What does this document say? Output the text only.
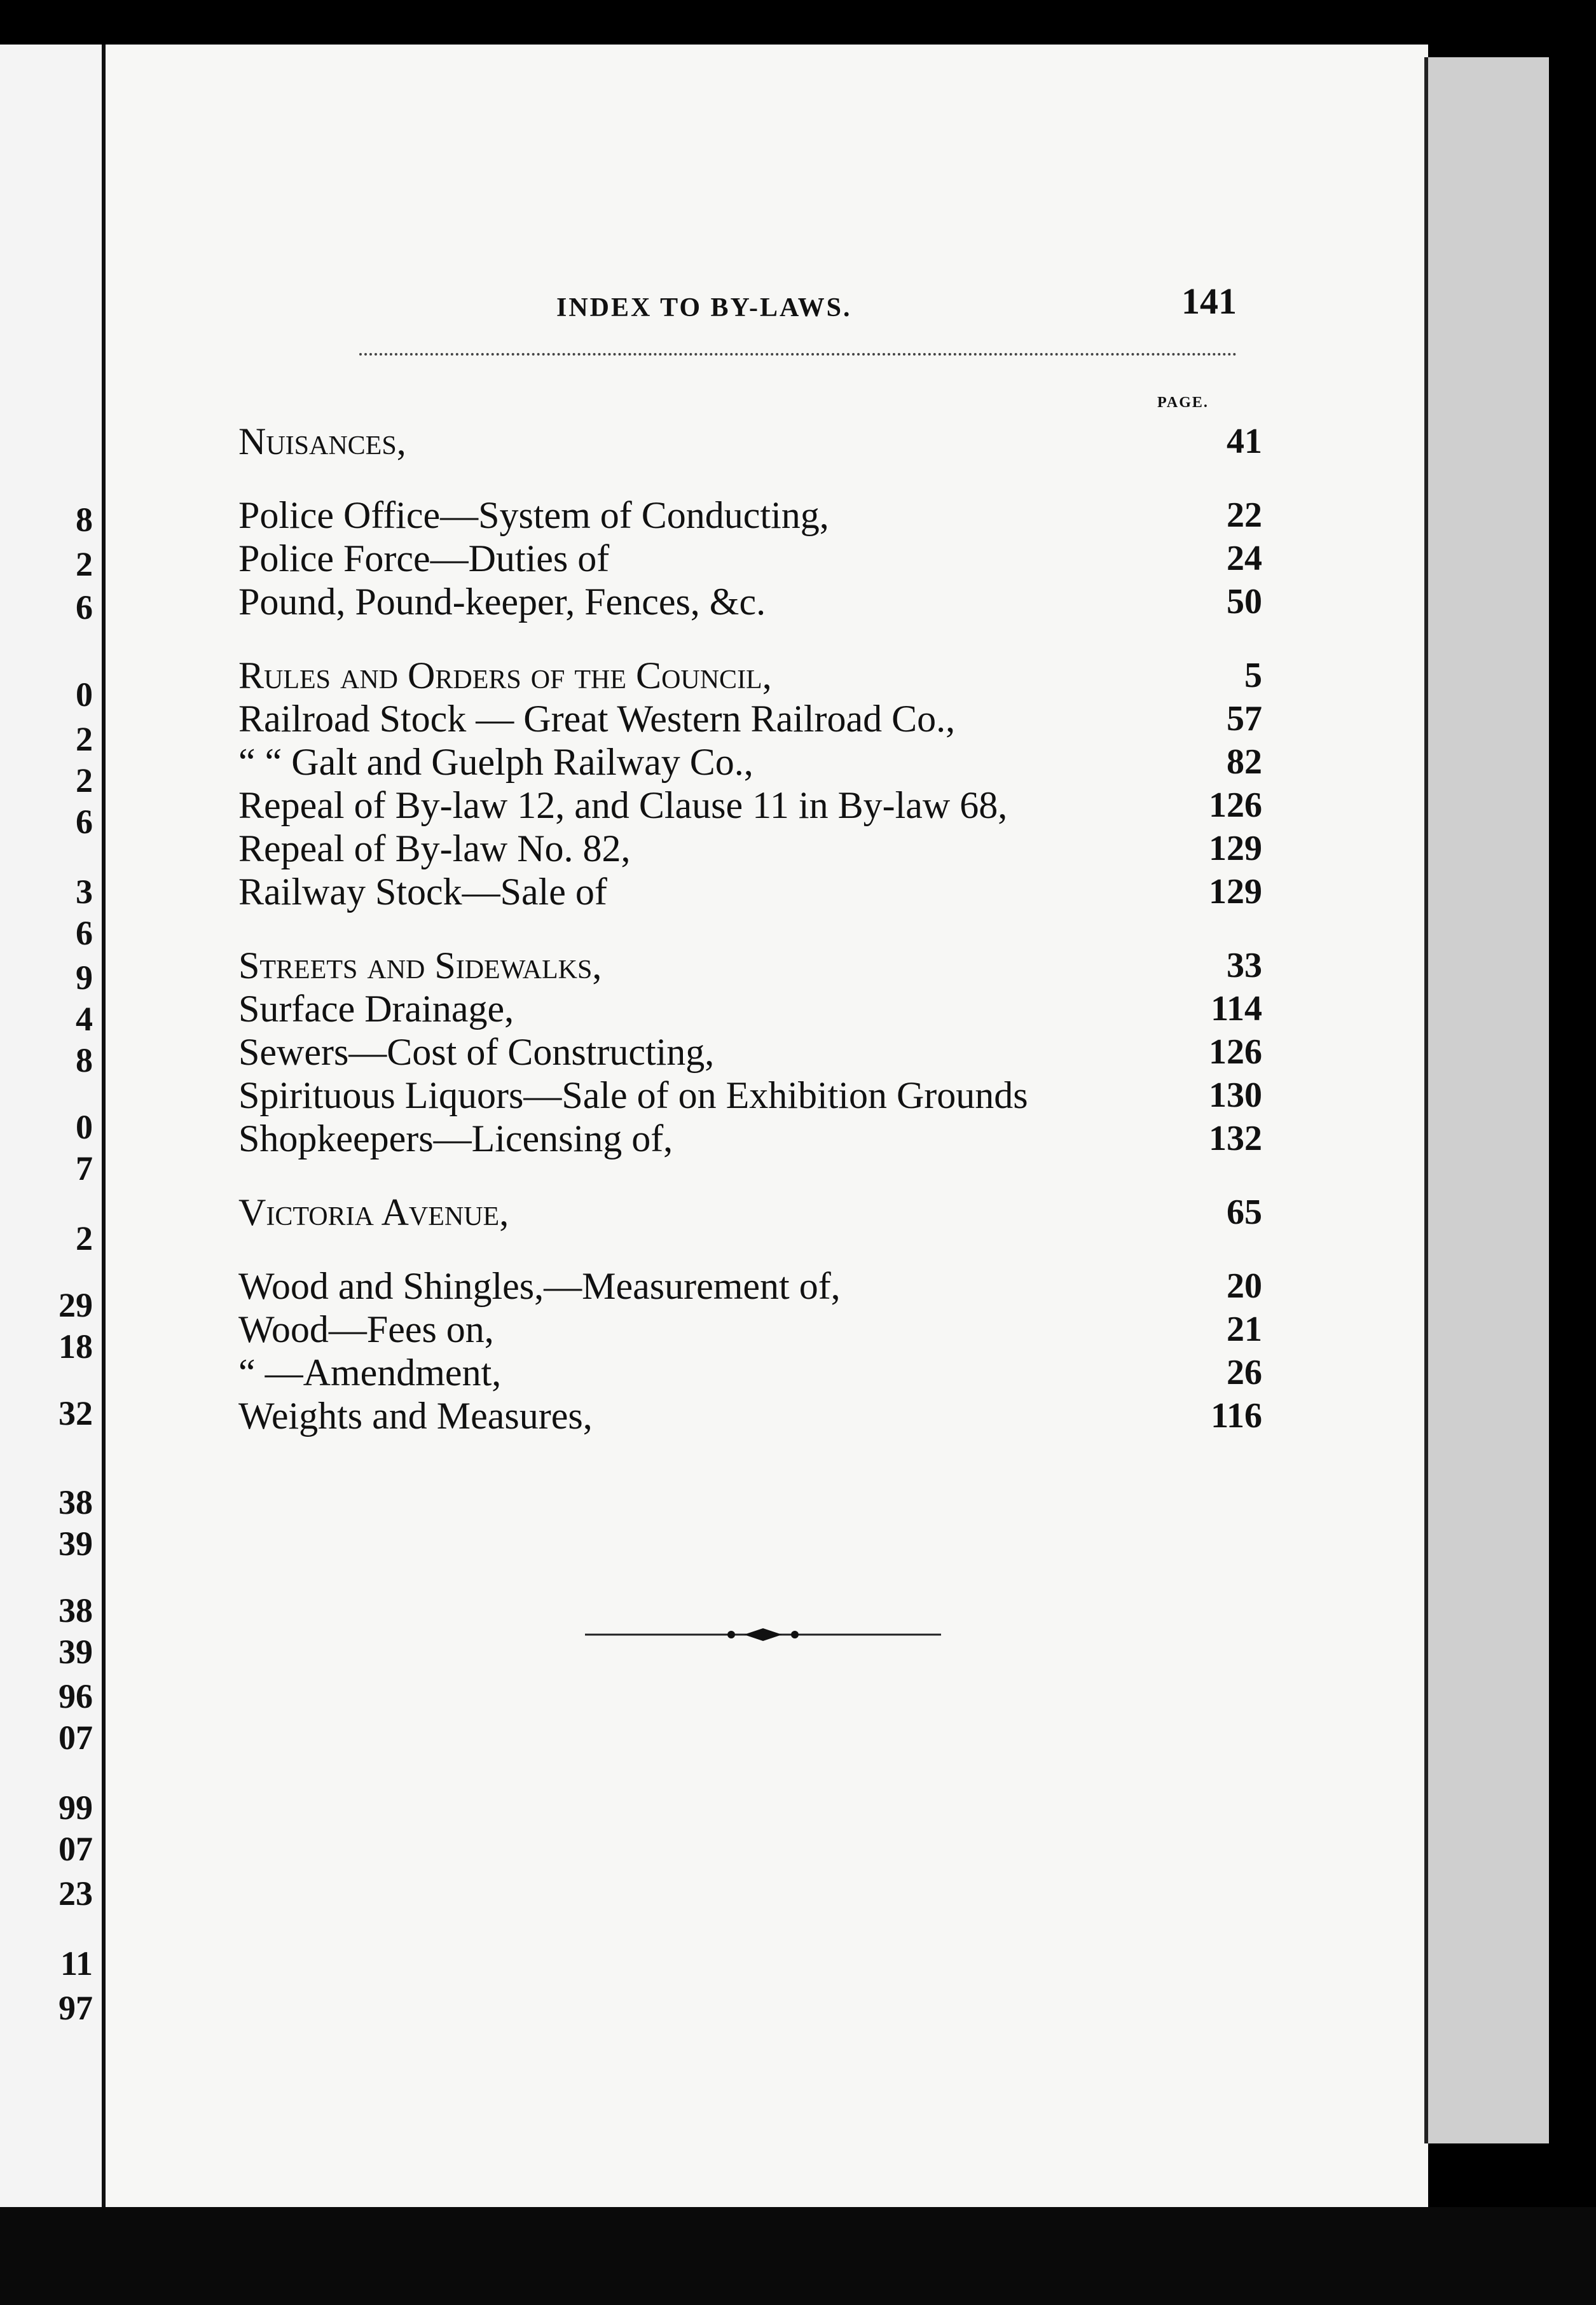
8
2
6
0
2
2
6
3
6
9
4
8
0
7
2
29
18
32
38
39
38
39
96
07
99
07
23
11
97
INDEX TO BY-LAWS.	141
PAGE.
Nuisances,	41
Police Office—System of Conducting,	22
Police Force—Duties of	24
Pound, Pound-keeper, Fences, &c.	50
Rules and Orders of the Council,	5
Railroad Stock — Great Western Railroad Co.,	57
“ “ Galt and Guelph Railway Co.,	82
Repeal of By-law 12, and Clause 11 in By-law 68,	126
Repeal of By-law No. 82,	129
Railway Stock—Sale of	129
Streets and Sidewalks,	33
Surface Drainage,	114
Sewers—Cost of Constructing,	126
Spirituous Liquors—Sale of on Exhibition Grounds	130
Shopkeepers—Licensing of,	132
Victoria Avenue,	65
Wood and Shingles,—Measurement of,	20
Wood—Fees on,	21
“ —Amendment,	26
Weights and Measures,	116
